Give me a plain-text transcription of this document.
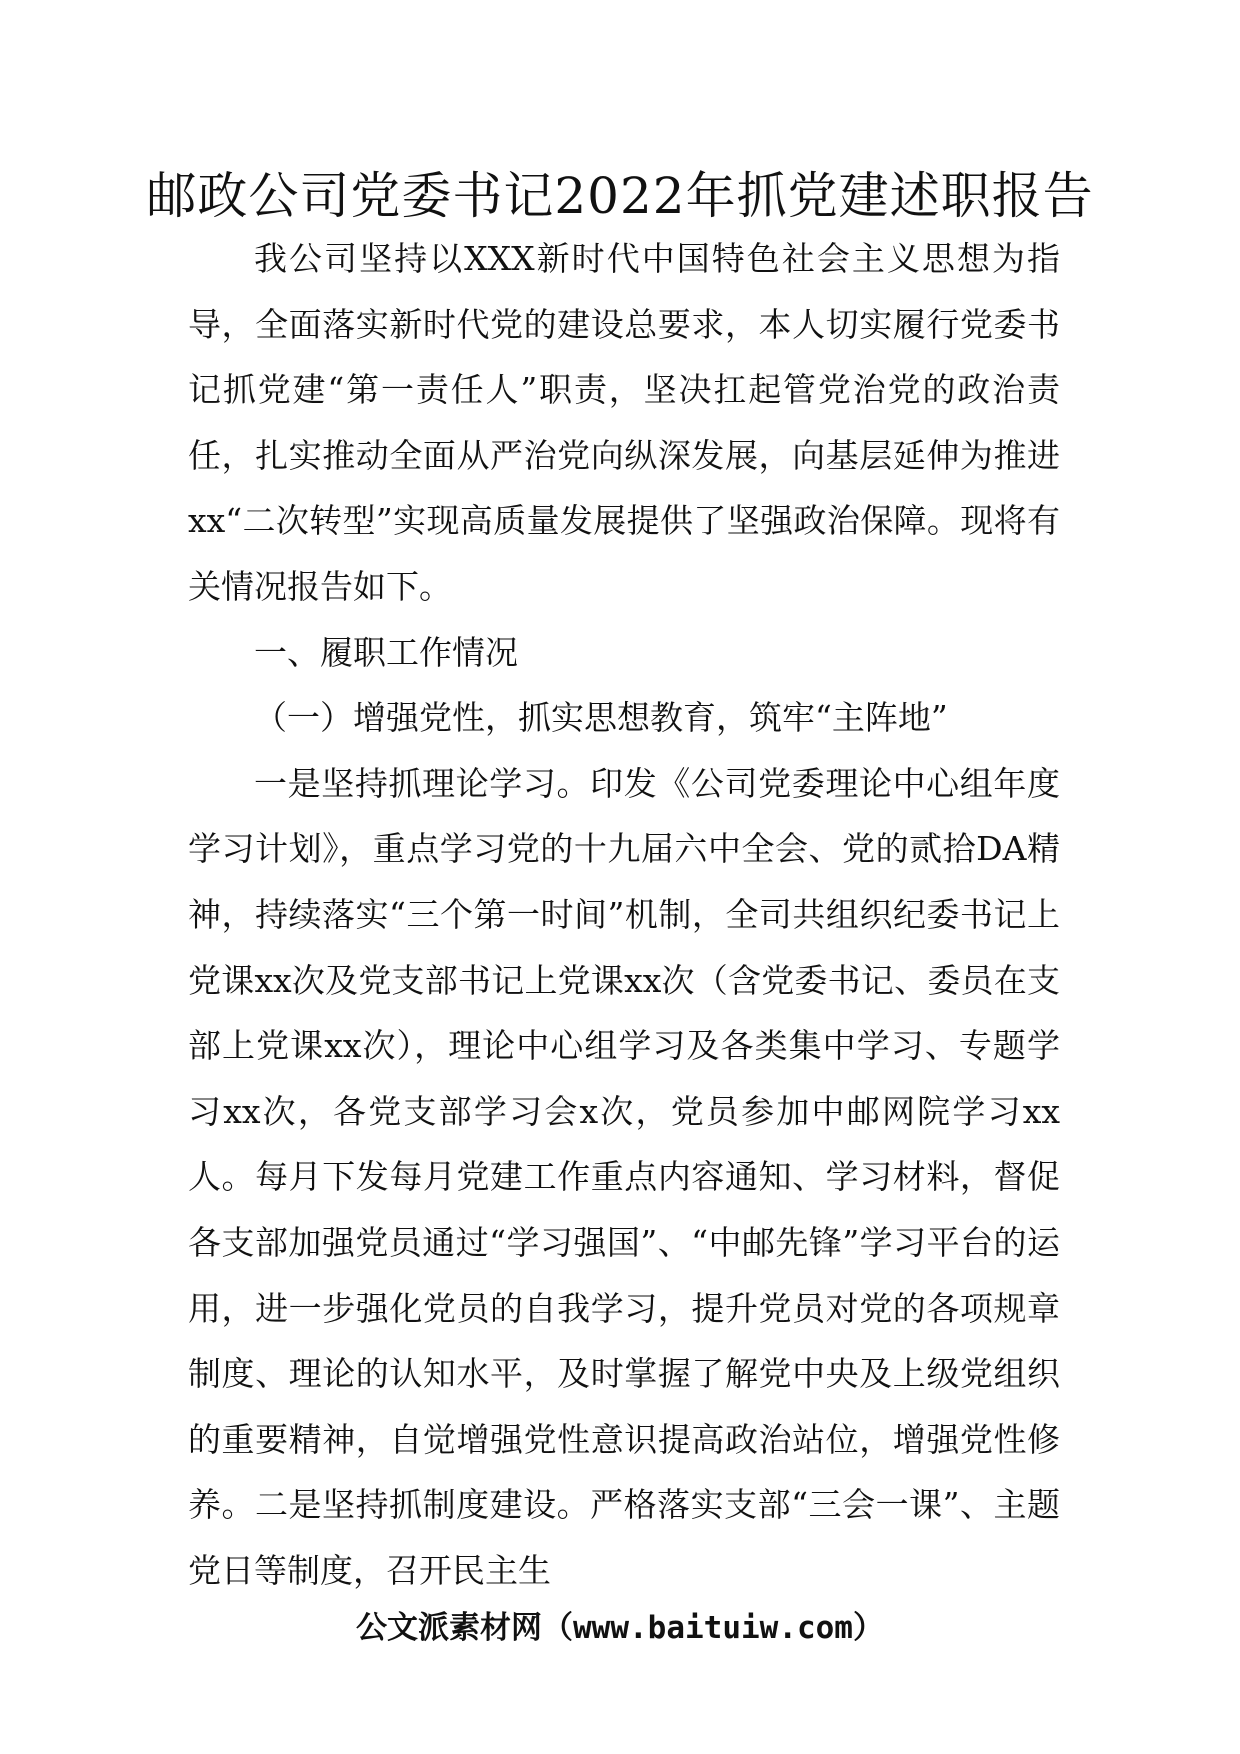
邮政公司党委书记2022年抓党建述职报告

我公司坚持以XXX新时代中国特色社会主义思想为指导，全面落实新时代党的建设总要求，本人切实履行党委书记抓党建“第一责任人”职责，坚决扛起管党治党的政治责任，扎实推动全面从严治党向纵深发展，向基层延伸为推进xx“二次转型”实现高质量发展提供了坚强政治保障。现将有关情况报告如下。

一、履职工作情况

（一）增强党性，抓实思想教育，筑牢“主阵地”

一是坚持抓理论学习。印发《公司党委理论中心组年度学习计划》，重点学习党的十九届六中全会、党的贰拾DA精神，持续落实“三个第一时间”机制，全司共组织纪委书记上党课xx次及党支部书记上党课xx次（含党委书记、委员在支部上党课xx次），理论中心组学习及各类集中学习、专题学习xx次，各党支部学习会x次，党员参加中邮网院学习xx人。每月下发每月党建工作重点内容通知、学习材料，督促各支部加强党员通过“学习强国”、“中邮先锋”学习平台的运用，进一步强化党员的自我学习，提升党员对党的各项规章制度、理论的认知水平，及时掌握了解党中央及上级党组织的重要精神，自觉增强党性意识提高政治站位，增强党性修养。二是坚持抓制度建设。严格落实支部“三会一课”、主题党日等制度，召开民主生

公文派素材网（www.baituiw.com）
